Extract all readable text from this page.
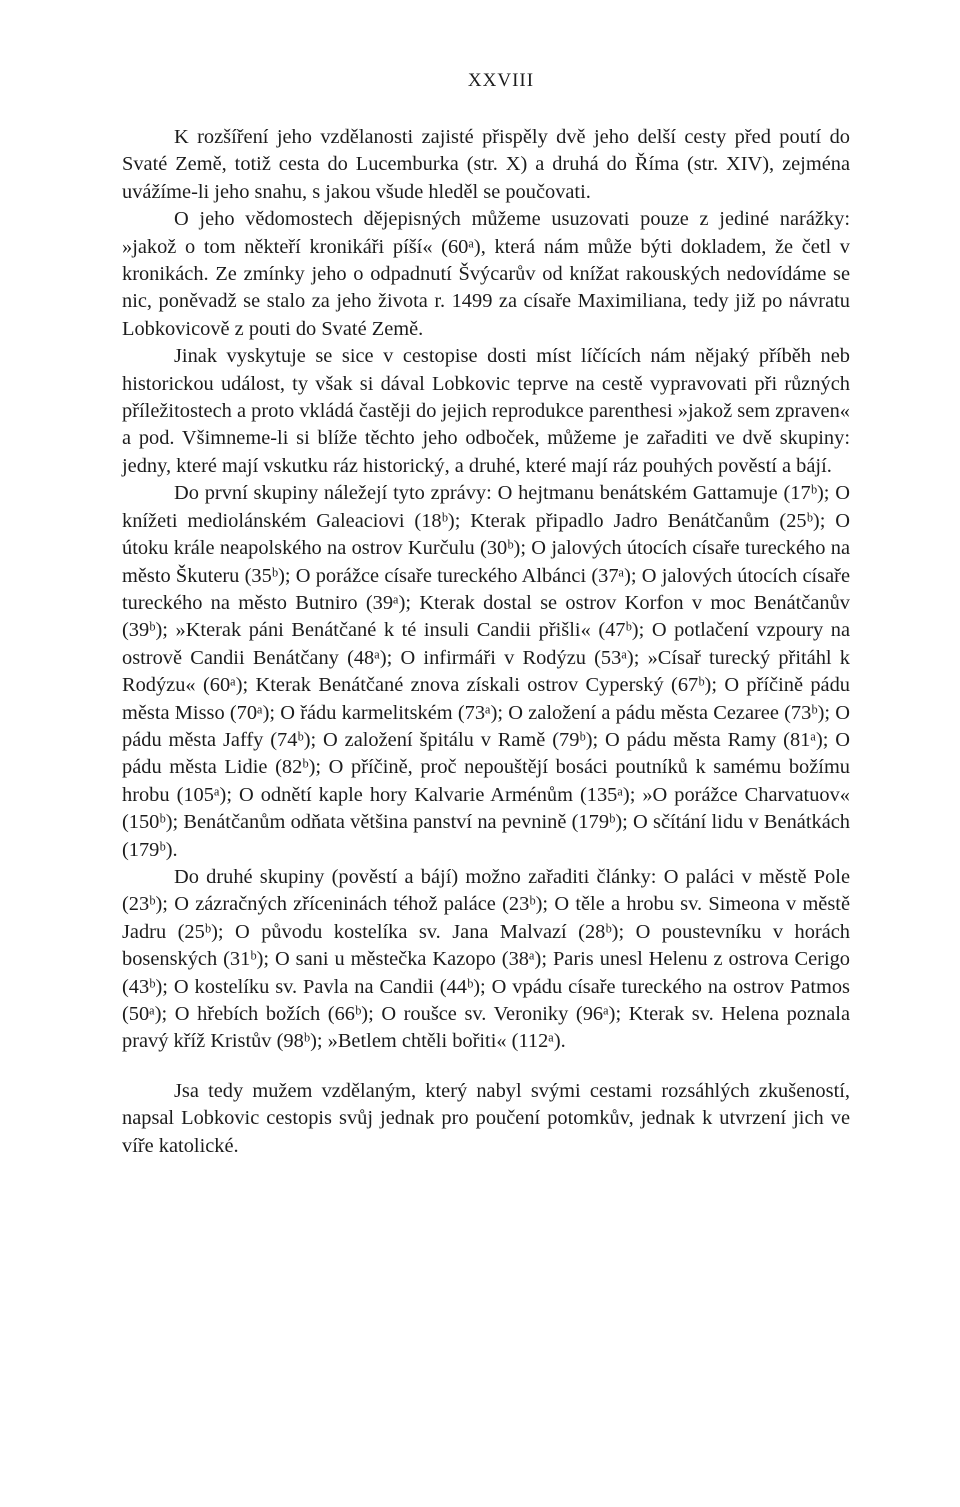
XXVIII

K rozšíření jeho vzdělanosti zajisté přispěly dvě jeho delší cesty před poutí do Svaté Země, totiž cesta do Lucemburka (str. X) a druhá do Říma (str. XIV), zejména uvážíme-li jeho snahu, s jakou všude hleděl se poučovati.

O jeho vědomostech dějepisných můžeme usuzovati pouze z jediné narážky: »jakož o tom někteří kronikáři píší« (60ᵃ), která nám může býti dokladem, že četl v kronikách. Ze zmínky jeho o odpadnutí Švýcarův od knížat rakouských nedovídáme se nic, poněvadž se stalo za jeho života r. 1499 za císaře Maximiliana, tedy již po návratu Lobkovicově z pouti do Svaté Země.

Jinak vyskytuje se sice v cestopise dosti míst líčících nám nějaký příběh neb historickou událost, ty však si dával Lobkovic teprve na cestě vypravovati při různých příležitostech a proto vkládá častěji do jejich reprodukce parenthesi »jakož sem zpraven« a pod. Všimneme-li si blíže těchto jeho odboček, můžeme je zařaditi ve dvě skupiny: jedny, které mají vskutku ráz historický, a druhé, které mají ráz pouhých pověstí a bájí.

Do první skupiny náležejí tyto zprávy: O hejtmanu benátském Gattamuje (17ᵇ); O knížeti mediolánském Galeaciovi (18ᵇ); Kterak připadlo Jadro Benátčanům (25ᵇ); O útoku krále neapolského na ostrov Kurčulu (30ᵇ); O jalových útocích císaře tureckého na město Škuteru (35ᵇ); O porážce císaře tureckého Albánci (37ᵃ); O jalových útocích císaře tureckého na město Butniro (39ᵃ); Kterak dostal se ostrov Korfon v moc Benátčanův (39ᵇ); »Kterak páni Benátčané k té insuli Candii přišli« (47ᵇ); O potlačení vzpoury na ostrově Candii Benátčany (48ᵃ); O infirmáři v Rodýzu (53ᵃ); »Císař turecký přitáhl k Rodýzu« (60ᵃ); Kterak Benátčané znova získali ostrov Cyperský (67ᵇ); O příčině pádu města Misso (70ᵃ); O řádu karmelitském (73ᵃ); O založení a pádu města Cezaree (73ᵇ); O pádu města Jaffy (74ᵇ); O založení špitálu v Ramě (79ᵇ); O pádu města Ramy (81ᵃ); O pádu města Lidie (82ᵇ); O příčině, proč nepouštějí bosáci poutníků k samému božímu hrobu (105ᵃ); O odnětí kaple hory Kalvarie Arménům (135ᵃ); »O porážce Charvatuov« (150ᵇ); Benátčanům odňata většina panství na pevnině (179ᵇ); O sčítání lidu v Benátkách (179ᵇ).

Do druhé skupiny (pověstí a bájí) možno zařaditi články: O paláci v městě Pole (23ᵇ); O zázračných zříceninách téhož paláce (23ᵇ); O těle a hrobu sv. Simeona v městě Jadru (25ᵇ); O původu kostelíka sv. Jana Malvazí (28ᵇ); O poustevníku v horách bosenských (31ᵇ); O sani u městečka Kazopo (38ᵃ); Paris unesl Helenu z ostrova Cerigo (43ᵇ); O kostelíku sv. Pavla na Candii (44ᵇ); O vpádu císaře tureckého na ostrov Patmos (50ᵃ); O hřebích božích (66ᵇ); O roušce sv. Veroniky (96ᵃ); Kterak sv. Helena poznala pravý kříž Kristův (98ᵇ); »Betlem chtěli bořiti« (112ᵃ).

Jsa tedy mužem vzdělaným, který nabyl svými cestami rozsáhlých zkušeností, napsal Lobkovic cestopis svůj jednak pro poučení potomkův, jednak k utvrzení jich ve víře katolické.
